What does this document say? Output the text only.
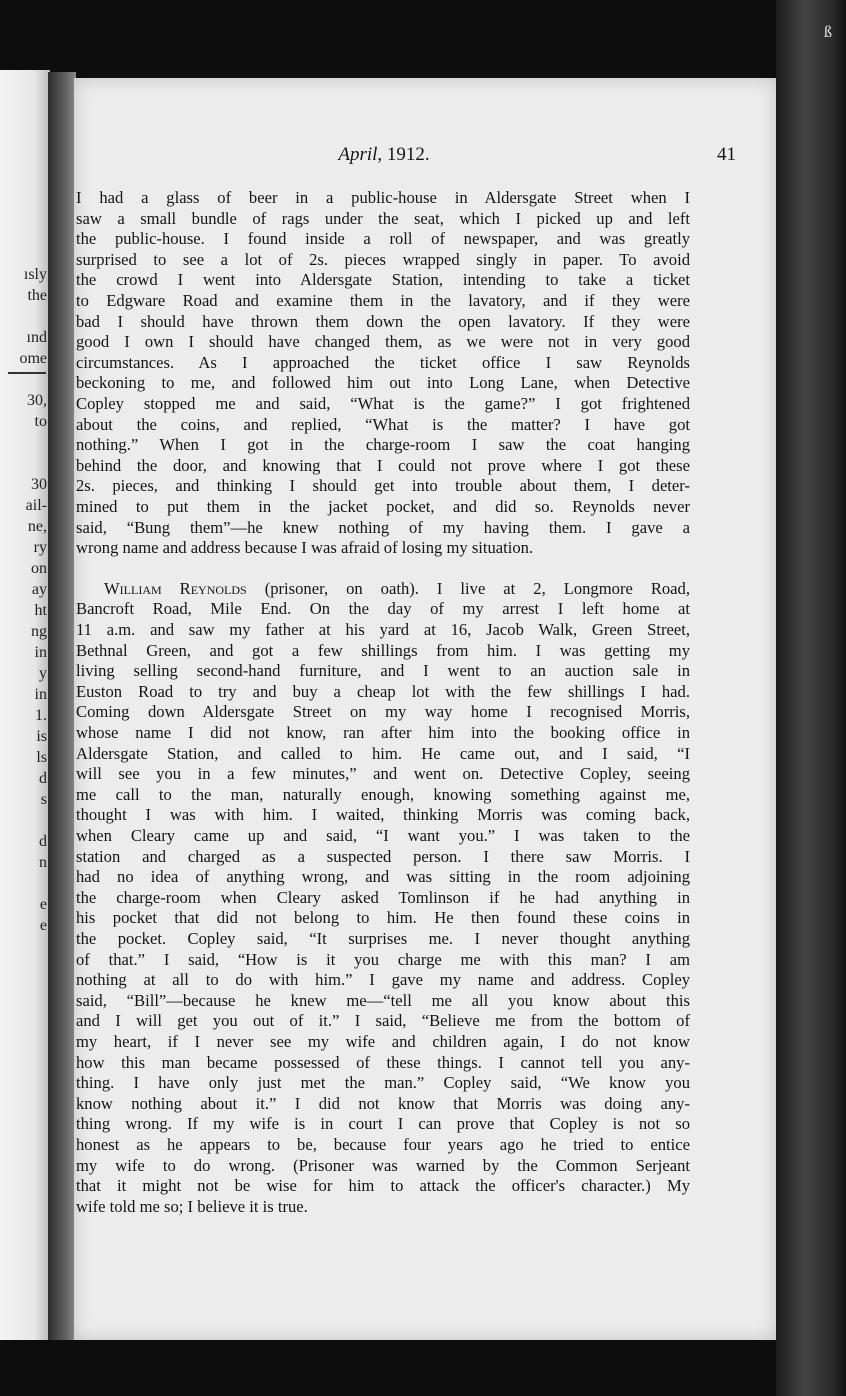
ısly
the
ınd
ome
30,
to
30
ail-
ne,
ry
on
ay
ht
ng
in
y
in
1.
is
ls
d
s
d
n
e
e
April, 1912.	41
I had a glass of beer in a public-house in Aldersgate Street when I
saw a small bundle of rags under the seat, which I picked up and left
the public-house. I found inside a roll of newspaper, and was greatly
surprised to see a lot of 2s. pieces wrapped singly in paper. To avoid
the crowd I went into Aldersgate Station, intending to take a ticket
to Edgware Road and examine them in the lavatory, and if they were
bad I should have thrown them down the open lavatory. If they were
good I own I should have changed them, as we were not in very good
circumstances. As I approached the ticket office I saw Reynolds
beckoning to me, and followed him out into Long Lane, when Detective
Copley stopped me and said, “What is the game?” I got frightened
about the coins, and replied, “What is the matter? I have got
nothing.” When I got in the charge-room I saw the coat hanging
behind the door, and knowing that I could not prove where I got these
2s. pieces, and thinking I should get into trouble about them, I deter-
mined to put them in the jacket pocket, and did so. Reynolds never
said, “Bung them”—he knew nothing of my having them. I gave a
wrong name and address because I was afraid of losing my situation.
William Reynolds (prisoner, on oath). I live at 2, Longmore Road,
Bancroft Road, Mile End. On the day of my arrest I left home at
11 a.m. and saw my father at his yard at 16, Jacob Walk, Green Street,
Bethnal Green, and got a few shillings from him. I was getting my
living selling second-hand furniture, and I went to an auction sale in
Euston Road to try and buy a cheap lot with the few shillings I had.
Coming down Aldersgate Street on my way home I recognised Morris,
whose name I did not know, ran after him into the booking office in
Aldersgate Station, and called to him. He came out, and I said, “I
will see you in a few minutes,” and went on. Detective Copley, seeing
me call to the man, naturally enough, knowing something against me,
thought I was with him. I waited, thinking Morris was coming back,
when Cleary came up and said, “I want you.” I was taken to the
station and charged as a suspected person. I there saw Morris. I
had no idea of anything wrong, and was sitting in the room adjoining
the charge-room when Cleary asked Tomlinson if he had anything in
his pocket that did not belong to him. He then found these coins in
the pocket. Copley said, “It surprises me. I never thought anything
of that.” I said, “How is it you charge me with this man? I am
nothing at all to do with him.” I gave my name and address. Copley
said, “Bill”—because he knew me—“tell me all you know about this
and I will get you out of it.” I said, “Believe me from the bottom of
my heart, if I never see my wife and children again, I do not know
how this man became possessed of these things. I cannot tell you any-
thing. I have only just met the man.” Copley said, “We know you
know nothing about it.” I did not know that Morris was doing any-
thing wrong. If my wife is in court I can prove that Copley is not so
honest as he appears to be, because four years ago he tried to entice
my wife to do wrong. (Prisoner was warned by the Common Serjeant
that it might not be wise for him to attack the officer's character.) My
wife told me so; I believe it is true.
ß
